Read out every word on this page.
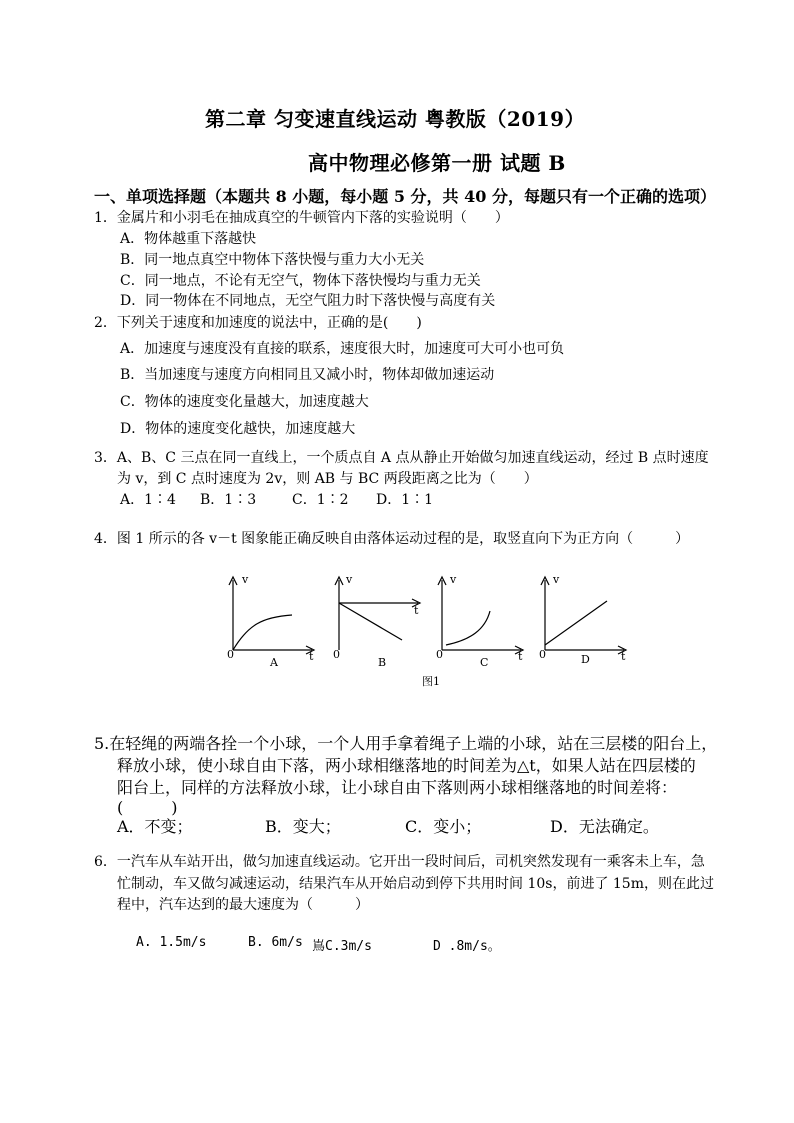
第二章 匀变速直线运动 粤教版（2019）
高中物理必修第一册 试题 B
一、单项选择题（本题共 8 小题，每小题 5 分，共 40 分，每题只有一个正确的选项）
1．金属片和小羽毛在抽成真空的牛顿管内下落的实验说明（　　）
A．物体越重下落越快
B．同一地点真空中物体下落快慢与重力大小无关
C．同一地点，不论有无空气，物体下落快慢均与重力无关
D．同一物体在不同地点，无空气阻力时下落快慢与高度有关
2．下列关于速度和加速度的说法中，正确的是(　　)
A．加速度与速度没有直接的联系，速度很大时，加速度可大可小也可负
B．当加速度与速度方向相同且又减小时，物体却做加速运动
C．物体的速度变化量越大，加速度越大
D．物体的速度变化越快，加速度越大
3．A、B、C 三点在同一直线上，一个质点自 A 点从静止开始做匀加速直线运动，经过 B 点时速度
为 v，到 C 点时速度为 2v，则 AB 与 BC 两段距离之比为（　　）
A．1∶4 B．1∶3	C．1∶2 D．1∶1
4．图 1 所示的各 v－t 图象能正确反映自由落体运动过程的是，取竖直向下为正方向（　　　）
v
0	t
A
v
0
t
B
v
0	t
C
v
0	t
D
图1
5.在轻绳的两端各拴一个小球，一个人用手拿着绳子上端的小球，站在三层楼的阳台上，
释放小球，使小球自由下落，两小球相继落地的时间差为△t，如果人站在四层楼的
阳台上，同样的方法释放小球，让小球自由下落则两小球相继落地的时间差将：
(　　　)
A．不变；	B．变大；	C．变小；	D．无法确定。
6．一汽车从车站开出，做匀加速直线运动。它开出一段时间后，司机突然发现有一乘客未上车，急
忙制动，车又做匀减速运动，结果汽车从开始启动到停下共用时间 10s，前进了 15m，则在此过
程中，汽车达到的最大速度为（　　　）
A. 1.5m/s	B. 6m/s 嶌C.3m/s	D .8m/s。
